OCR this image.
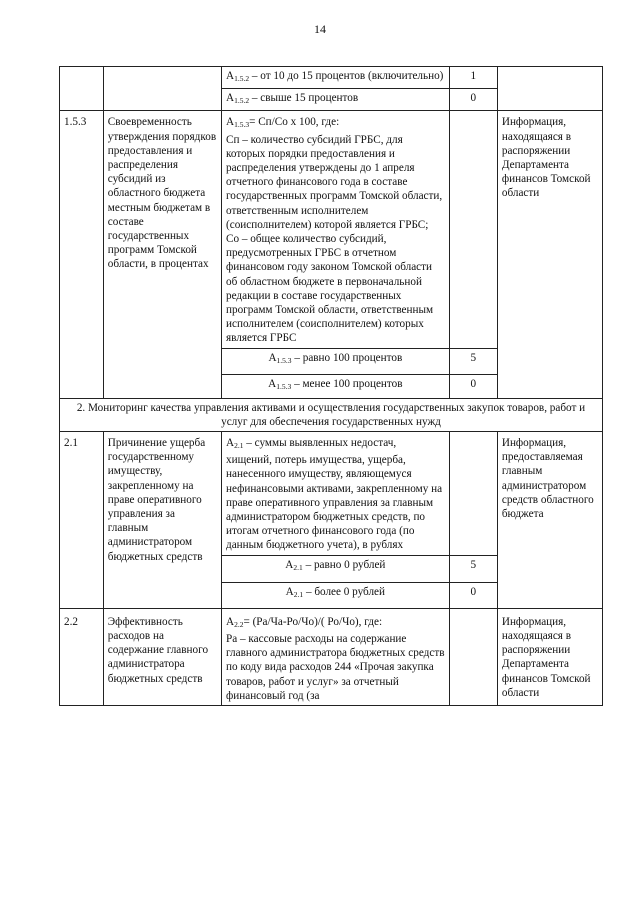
14
		$A_{1.5.2}$ – от 10 до 15 процентов (включительно)	1	
		$A_{1.5.2}$ – свыше 15 процентов	0	
1.5.3	Своевременность утверждения порядков предоставления и распределения субсидий из областного бюджета местным бюджетам в составе государственных программ Томской области, в процентах	$A_{1.5.3}= Сп/Со$ x 100, где:
Сп – количество субсидий ГРБС, для которых порядки предоставления и распределения утверждены до 1 апреля отчетного финансового года в составе государственных программ Томской области, ответственным исполнителем (соисполнителем) которой является ГРБС;
Со – общее количество субсидий, предусмотренных ГРБС в отчетном финансовом году законом Томской области об областном бюджете в первоначальной редакции в составе государственных программ Томской области, ответственным исполнителем (соисполнителем) которых является ГРБС		Информация, находящаяся в распоряжении Департамента финансов Томской области
		$A_{1.5.3}$ – равно 100 процентов	5	
		$A_{1.5.3}$ – менее 100 процентов	0	
2. Мониторинг качества управления активами и осуществления государственных закупок товаров, работ и услуг для обеспечения государственных нужд				
2.1	Причинение ущерба государственному имуществу, закрепленному на праве оперативного управления за главным администратором бюджетных средств	$A_{2.1}$ – суммы выявленных недостач, хищений, потерь имущества, ущерба, нанесенного имуществу, являющемуся нефинансовыми активами, закрепленному на праве оперативного управления за главным администратором бюджетных средств, по итогам отчетного финансового года (по данным бюджетного учета), в рублях		Информация, предоставляемая главным администратором средств областного бюджета
		$A_{2.1}$ – равно 0 рублей	5	
		$A_{2.1}$ – более 0 рублей	0	
2.2	Эффективность расходов на содержание главного администратора бюджетных средств	$A_{2.2}= (Ра/Ча-Ро/Чо)/$( Ро/Чо), где:
Ра – кассовые расходы на содержание главного администратора бюджетных средств по коду вида расходов 244 «Прочая закупка товаров, работ и услуг» за отчетный финансовый год (за		Информация, находящаяся в распоряжении Департамента финансов Томской области
